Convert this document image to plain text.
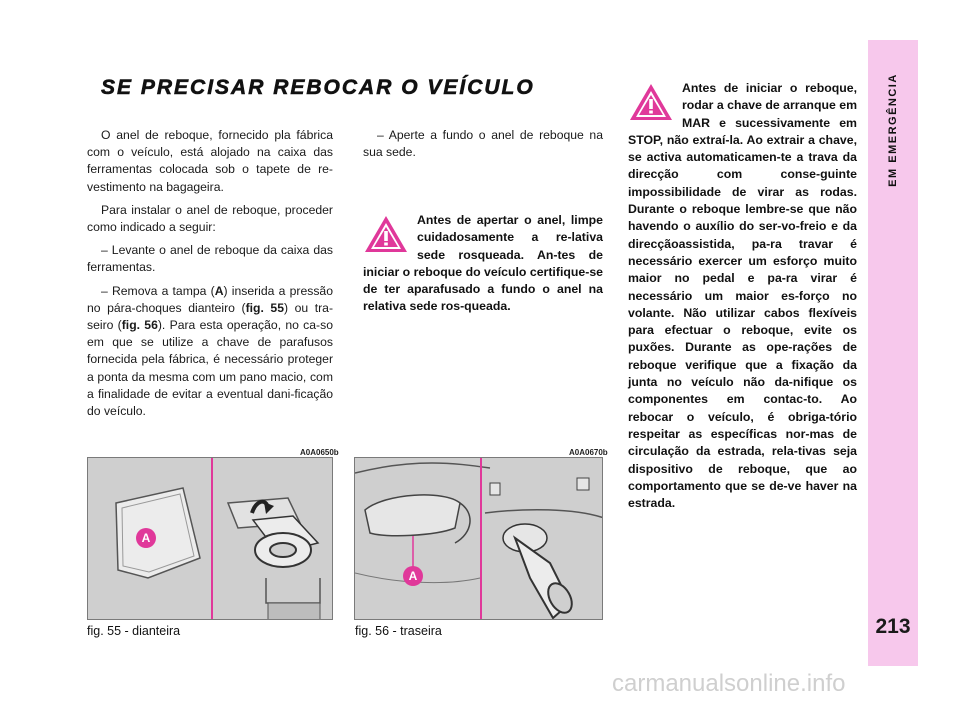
EM EMERGÊNCIA
213
SE PRECISAR REBOCAR O VEÍCULO

O anel de reboque, fornecido pla fábrica com o veículo, está alojado na caixa das ferramentas colocada sob o tapete de re-vestimento na bagageira.

Para instalar o anel de reboque, proceder como indicado a seguir:

– Levante o anel de reboque da caixa das ferramentas.

– Remova a tampa (A) inserida a pressão no pára-choques dianteiro (fig. 55) ou tra-seiro (fig. 56). Para esta operação, no ca-so em que se utilize a chave de parafusos fornecida pela fábrica, é necessário proteger a ponta da mesma com um pano macio, com a finalidade de evitar a eventual dani-ficação do veículo.

– Aperte a fundo o anel de reboque na sua sede.

Antes de apertar o anel, limpe cuidadosamente a re-lativa sede rosqueada. An-tes de iniciar o reboque do veículo certifique-se de ter aparafusado a fundo o anel na relativa sede ros-queada.
Antes de iniciar o reboque, rodar a chave de arranque em MAR e sucessivamente em STOP, não extraí-la. Ao extrair a chave, se activa automaticamen-te a trava da direcção com conse-guinte impossibilidade de virar as rodas. Durante o reboque lembre-se que não havendo o auxílio do ser-vo-freio e da direcçãoassistida, pa-ra travar é necessário exercer um esforço muito maior no pedal e pa-ra virar é necessário um maior es-forço no volante. Não utilizar cabos flexíveis para efectuar o reboque, evite os puxões. Durante as ope-rações de reboque verifique que a fixação da junta no veículo não da-nifique os componentes em contac-to. Ao rebocar o veículo, é obriga-tório respeitar as específicas nor-mas de circulação da estrada, rela-tivas seja dispositivo de reboque, que ao comportamento que se de-ve haver na estrada.
A0A0650b
A
fig. 55 - dianteira
A0A0670b
A
fig. 56 - traseira
carmanualsonline.info
